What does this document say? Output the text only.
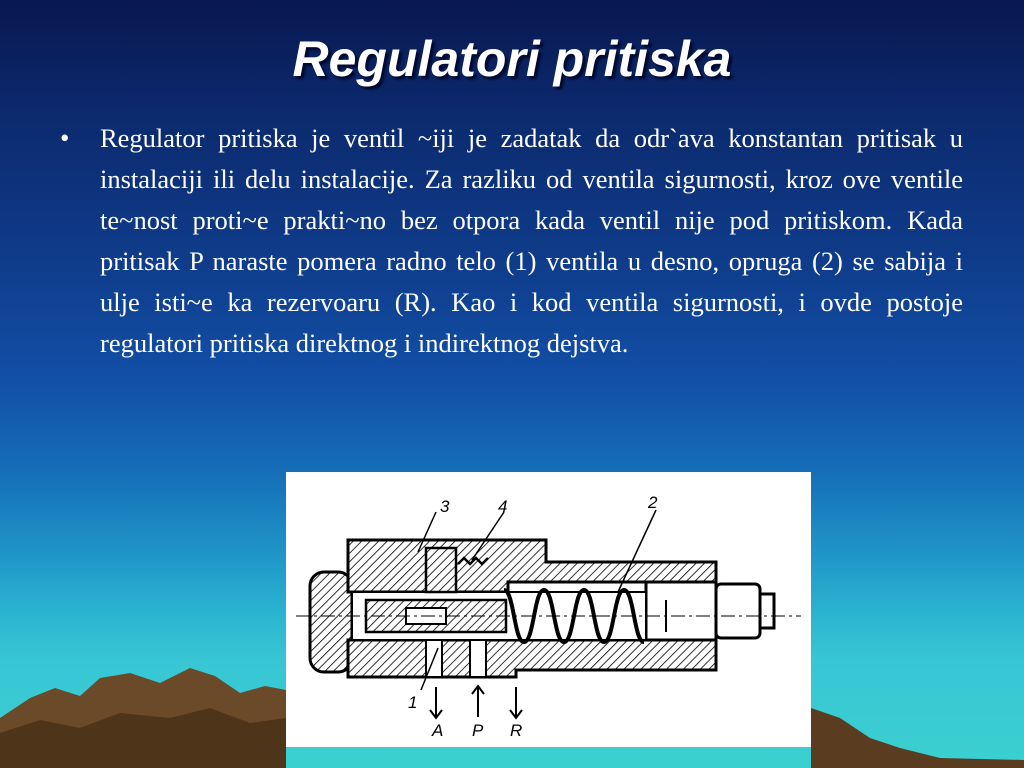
Regulatori pritiska
•	Regulator pritiska je ventil ~iji je zadatak da odr`ava konstantan pritisak u instalaciji ili delu instalacije. Za razliku od ventila sigurnosti, kroz ove ventile te~nost proti~e prakti~no bez otpora kada ventil nije pod pritiskom. Kada pritisak P naraste pomera radno telo (1) ventila u desno, opruga (2) se sabija i ulje isti~e ka rezervoaru (R). Kao i kod ventila sigurnosti, i ovde postoje regulatori pritiska direktnog i indirektnog dejstva.

3	4	2
1
A P R
